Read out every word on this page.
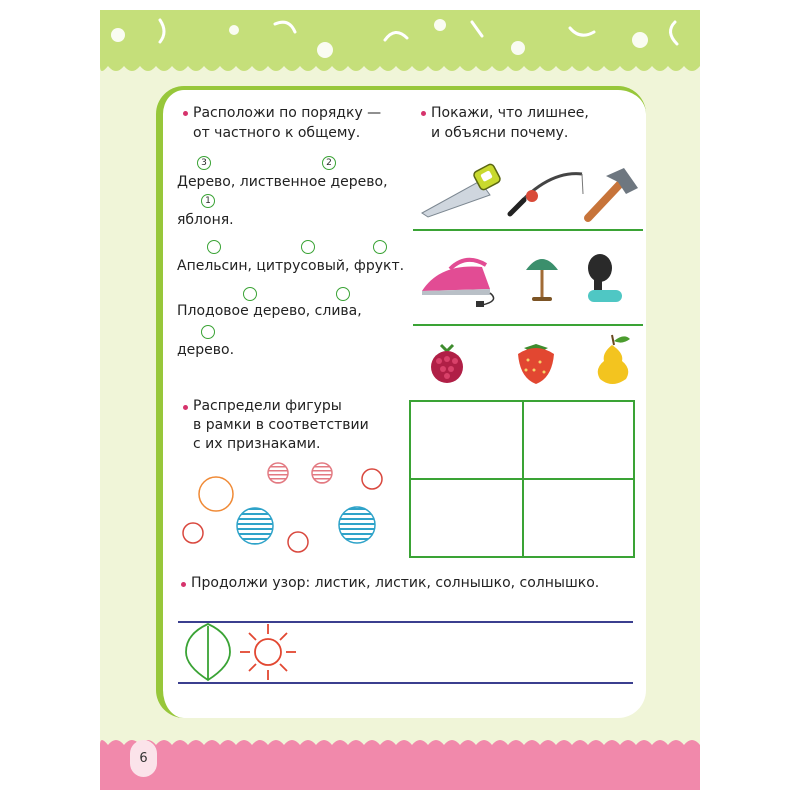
6
Расположи по порядку —
от частного к общему.
3	2
Дерево, лиственное дерево,
1
яблоня.
Апельсин, цитрусовый, фрукт.
Плодовое дерево, слива,
дерево.
Покажи, что лишнее,
и объясни почему.
Распредели фигуры
в рамки в соответствии
с их признаками.
Продолжи узор: листик, листик, солнышко, солнышко.
